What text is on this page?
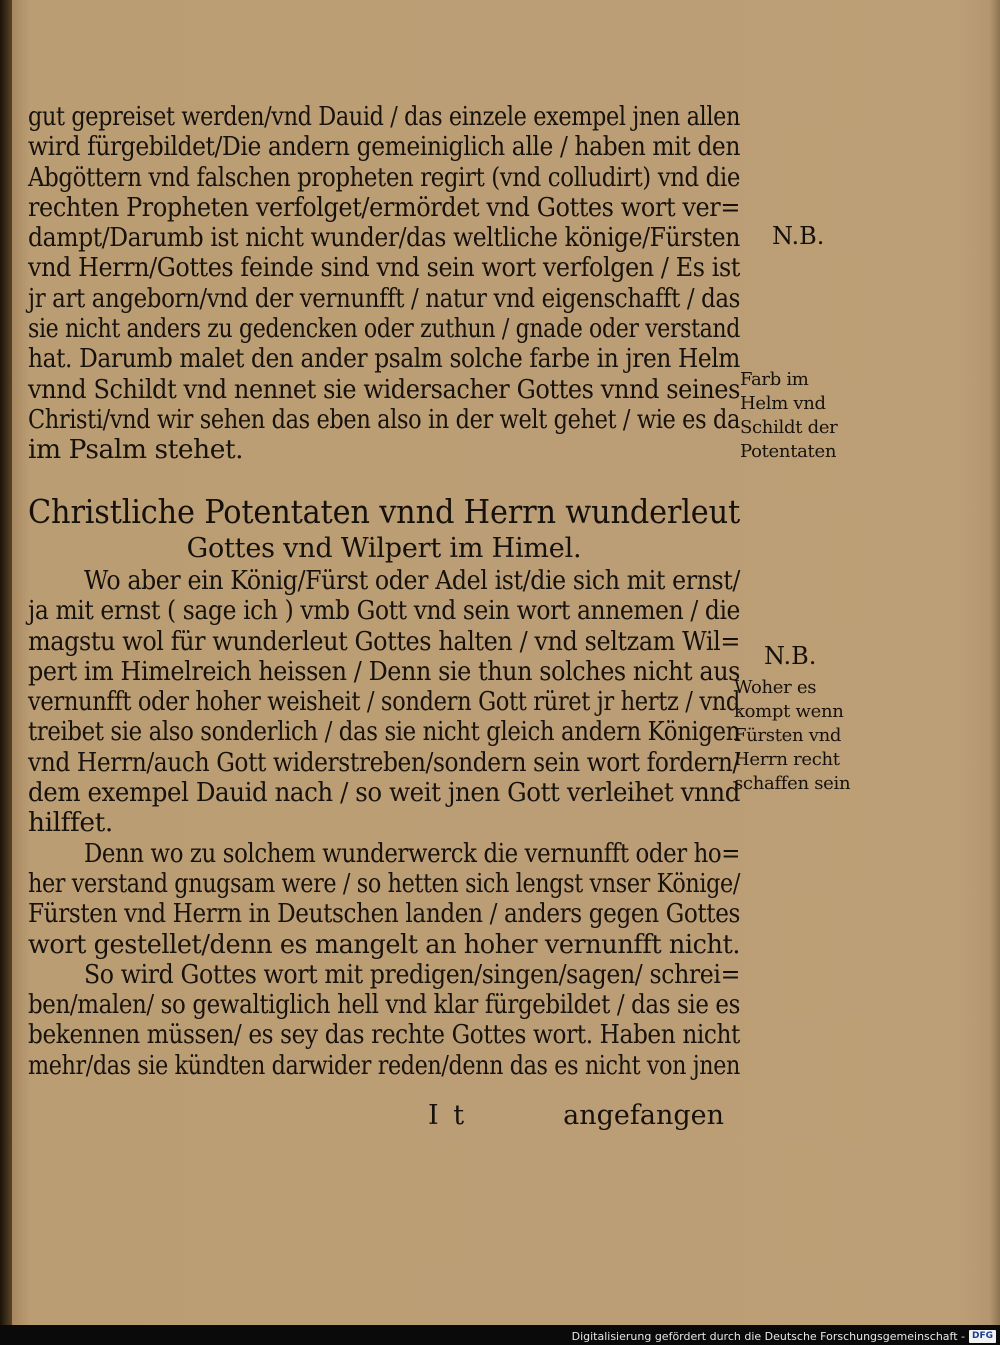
gut gepreiset werden/vnd Dauid / das einzele exempel jnen allen
wird fürgebildet/Die andern gemeiniglich alle / haben mit den
Abgöttern vnd falschen propheten regirt (vnd colludirt) vnd die
rechten Propheten verfolget/ermördet vnd Gottes wort ver=
dampt/Darumb ist nicht wunder/das weltliche könige/Fürsten
vnd Herrn/Gottes feinde sind vnd sein wort verfolgen / Es ist
jr art angeborn/vnd der vernunfft / natur vnd eigenschafft / das
sie nicht anders zu gedencken oder zuthun / gnade oder verstand
hat. Darumb malet den ander psalm solche farbe in jren Helm
vnnd Schildt vnd nennet sie widersacher Gottes vnnd seines
Christi/vnd wir sehen das eben also in der welt gehet / wie es da
im Psalm stehet.
Christliche Potentaten vnnd Herrn wunderleut
Gottes vnd Wilpert im Himel.
Wo aber ein König/Fürst oder Adel ist/die sich mit ernst/
ja mit ernst ( sage ich ) vmb Gott vnd sein wort annemen / die
magstu wol für wunderleut Gottes halten / vnd seltzam Wil=
pert im Himelreich heissen / Denn sie thun solches nicht aus
vernunfft oder hoher weisheit / sondern Gott rüret jr hertz / vnd
treibet sie also sonderlich / das sie nicht gleich andern Königen
vnd Herrn/auch Gott widerstreben/sondern sein wort fordern/
dem exempel Dauid nach / so weit jnen Gott verleihet vnnd
hilffet.
Denn wo zu solchem wunderwerck die vernunfft oder ho=
her verstand gnugsam were / so hetten sich lengst vnser Könige/
Fürsten vnd Herrn in Deutschen landen / anders gegen Gottes
wort gestellet/denn es mangelt an hoher vernunfft nicht.
So wird Gottes wort mit predigen/singen/sagen/ schrei=
ben/malen/ so gewaltiglich hell vnd klar fürgebildet / das sie es
bekennen müssen/ es sey das rechte Gottes wort. Haben nicht
mehr/das sie kündten darwider reden/denn das es nicht von jnen
I t	angefangen
N.B.
Farb im
Helm vnd
Schildt der
Potentaten
N.B.
Woher es
kompt wenn
Fürsten vnd
Herrn recht
schaffen sein
Digitalisierung gefördert durch die Deutsche Forschungsgemeinschaft - DFG
